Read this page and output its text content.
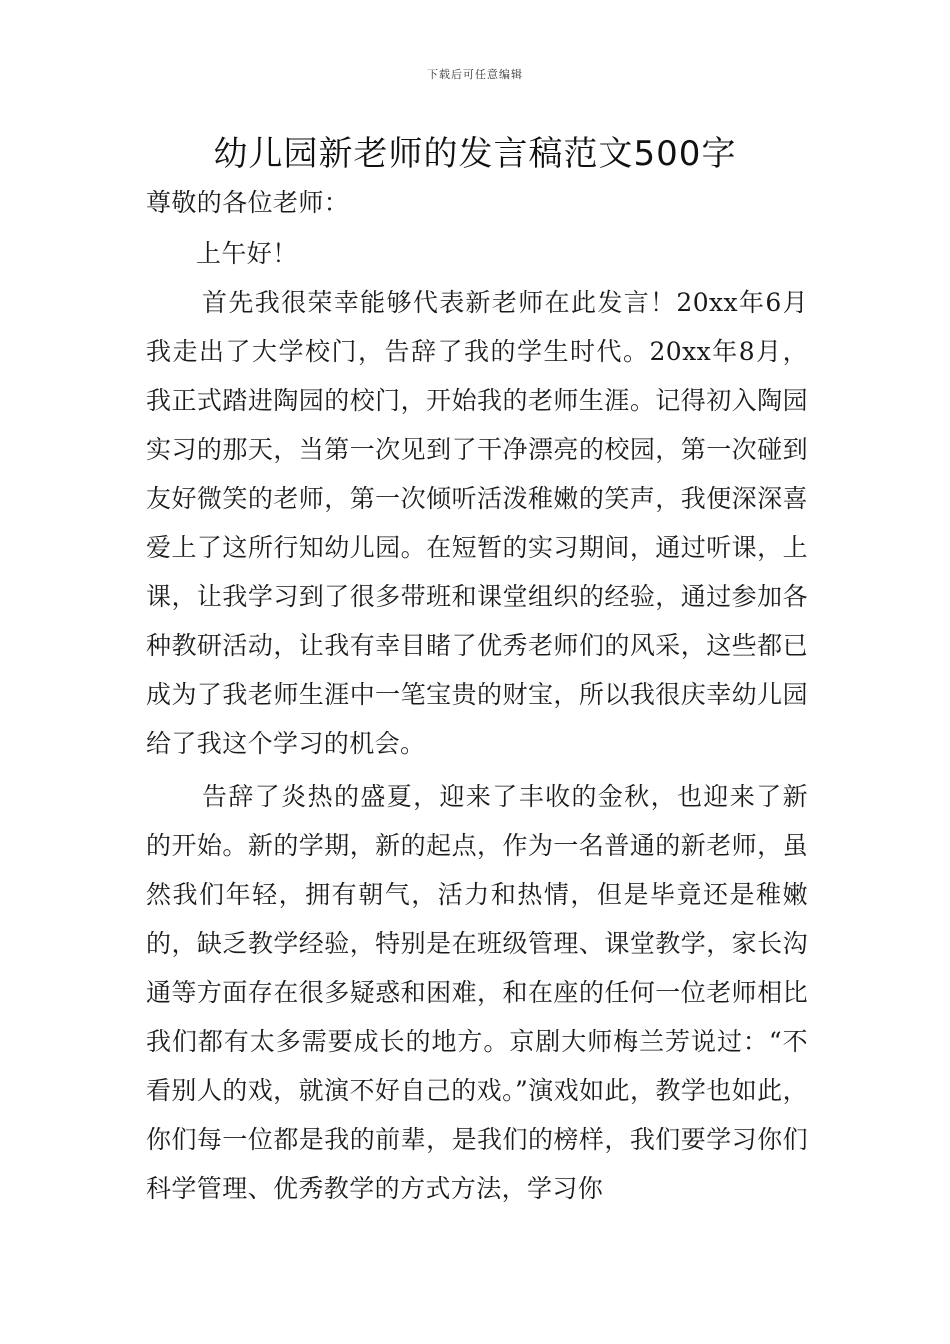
下载后可任意编辑
幼儿园新老师的发言稿范文500字
尊敬的各位老师：
上午好！

首先我很荣幸能够代表新老师在此发言！20xx年6月我走出了大学校门，告辞了我的学生时代。20xx年8月，我正式踏进陶园的校门，开始我的老师生涯。记得初入陶园实习的那天，当第一次见到了干净漂亮的校园，第一次碰到友好微笑的老师，第一次倾听活泼稚嫩的笑声，我便深深喜爱上了这所行知幼儿园。在短暂的实习期间，通过听课，上课，让我学习到了很多带班和课堂组织的经验，通过参加各种教研活动，让我有幸目睹了优秀老师们的风采，这些都已成为了我老师生涯中一笔宝贵的财宝，所以我很庆幸幼儿园给了我这个学习的机会。

告辞了炎热的盛夏，迎来了丰收的金秋，也迎来了新的开始。新的学期，新的起点，作为一名普通的新老师，虽然我们年轻，拥有朝气，活力和热情，但是毕竟还是稚嫩的，缺乏教学经验，特别是在班级管理、课堂教学，家长沟通等方面存在很多疑惑和困难，和在座的任何一位老师相比我们都有太多需要成长的地方。京剧大师梅兰芳说过：“不看别人的戏，就演不好自己的戏。”演戏如此，教学也如此，你们每一位都是我的前辈，是我们的榜样，我们要学习你们科学管理、优秀教学的方式方法，学习你
